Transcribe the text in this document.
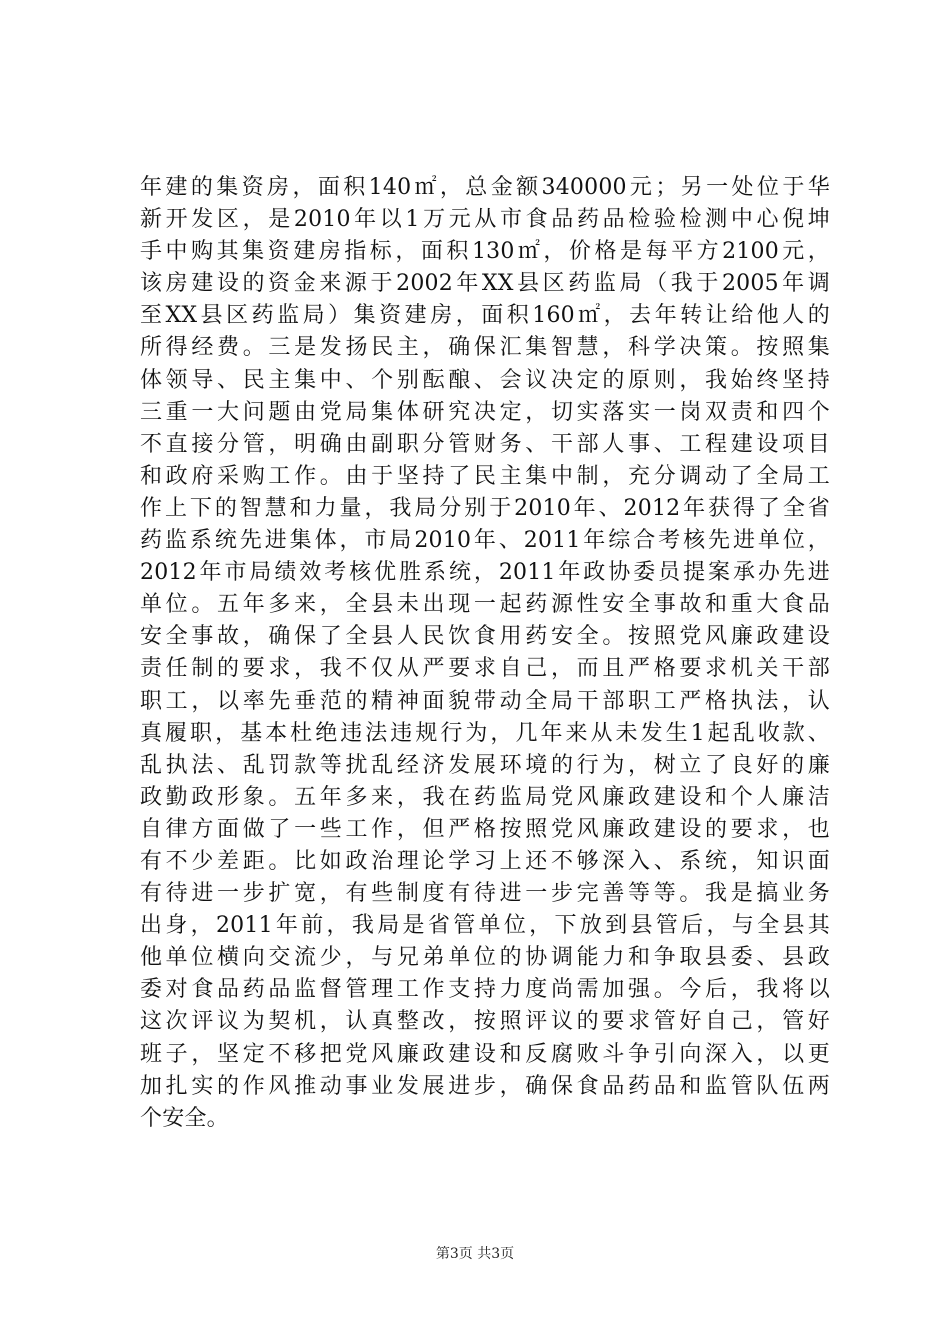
年建的集资房，面积140㎡，总金额340000元；另一处位于华
新开发区，是2010年以1万元从市食品药品检验检测中心倪坤
手中购其集资建房指标，面积130㎡，价格是每平方2100元，
该房建设的资金来源于2002年XX县区药监局（我于2005年调
至XX县区药监局）集资建房，面积160㎡，去年转让给他人的
所得经费。三是发扬民主，确保汇集智慧，科学决策。按照集
体领导、民主集中、个别酝酿、会议决定的原则，我始终坚持
三重一大问题由党局集体研究决定，切实落实一岗双责和四个
不直接分管，明确由副职分管财务、干部人事、工程建设项目
和政府采购工作。由于坚持了民主集中制，充分调动了全局工
作上下的智慧和力量，我局分别于2010年、2012年获得了全省
药监系统先进集体，市局2010年、2011年综合考核先进单位，
2012年市局绩效考核优胜系统，2011年政协委员提案承办先进
单位。五年多来，全县未出现一起药源性安全事故和重大食品
安全事故，确保了全县人民饮食用药安全。按照党风廉政建设
责任制的要求，我不仅从严要求自己，而且严格要求机关干部
职工，以率先垂范的精神面貌带动全局干部职工严格执法，认
真履职，基本杜绝违法违规行为，几年来从未发生1起乱收款、
乱执法、乱罚款等扰乱经济发展环境的行为，树立了良好的廉
政勤政形象。五年多来，我在药监局党风廉政建设和个人廉洁
自律方面做了一些工作，但严格按照党风廉政建设的要求，也
有不少差距。比如政治理论学习上还不够深入、系统，知识面
有待进一步扩宽，有些制度有待进一步完善等等。我是搞业务
出身，2011年前，我局是省管单位，下放到县管后，与全县其
他单位横向交流少，与兄弟单位的协调能力和争取县委、县政
委对食品药品监督管理工作支持力度尚需加强。今后，我将以
这次评议为契机，认真整改，按照评议的要求管好自己，管好
班子，坚定不移把党风廉政建设和反腐败斗争引向深入，以更
加扎实的作风推动事业发展进步，确保食品药品和监管队伍两
个安全。

第3页 共3页
